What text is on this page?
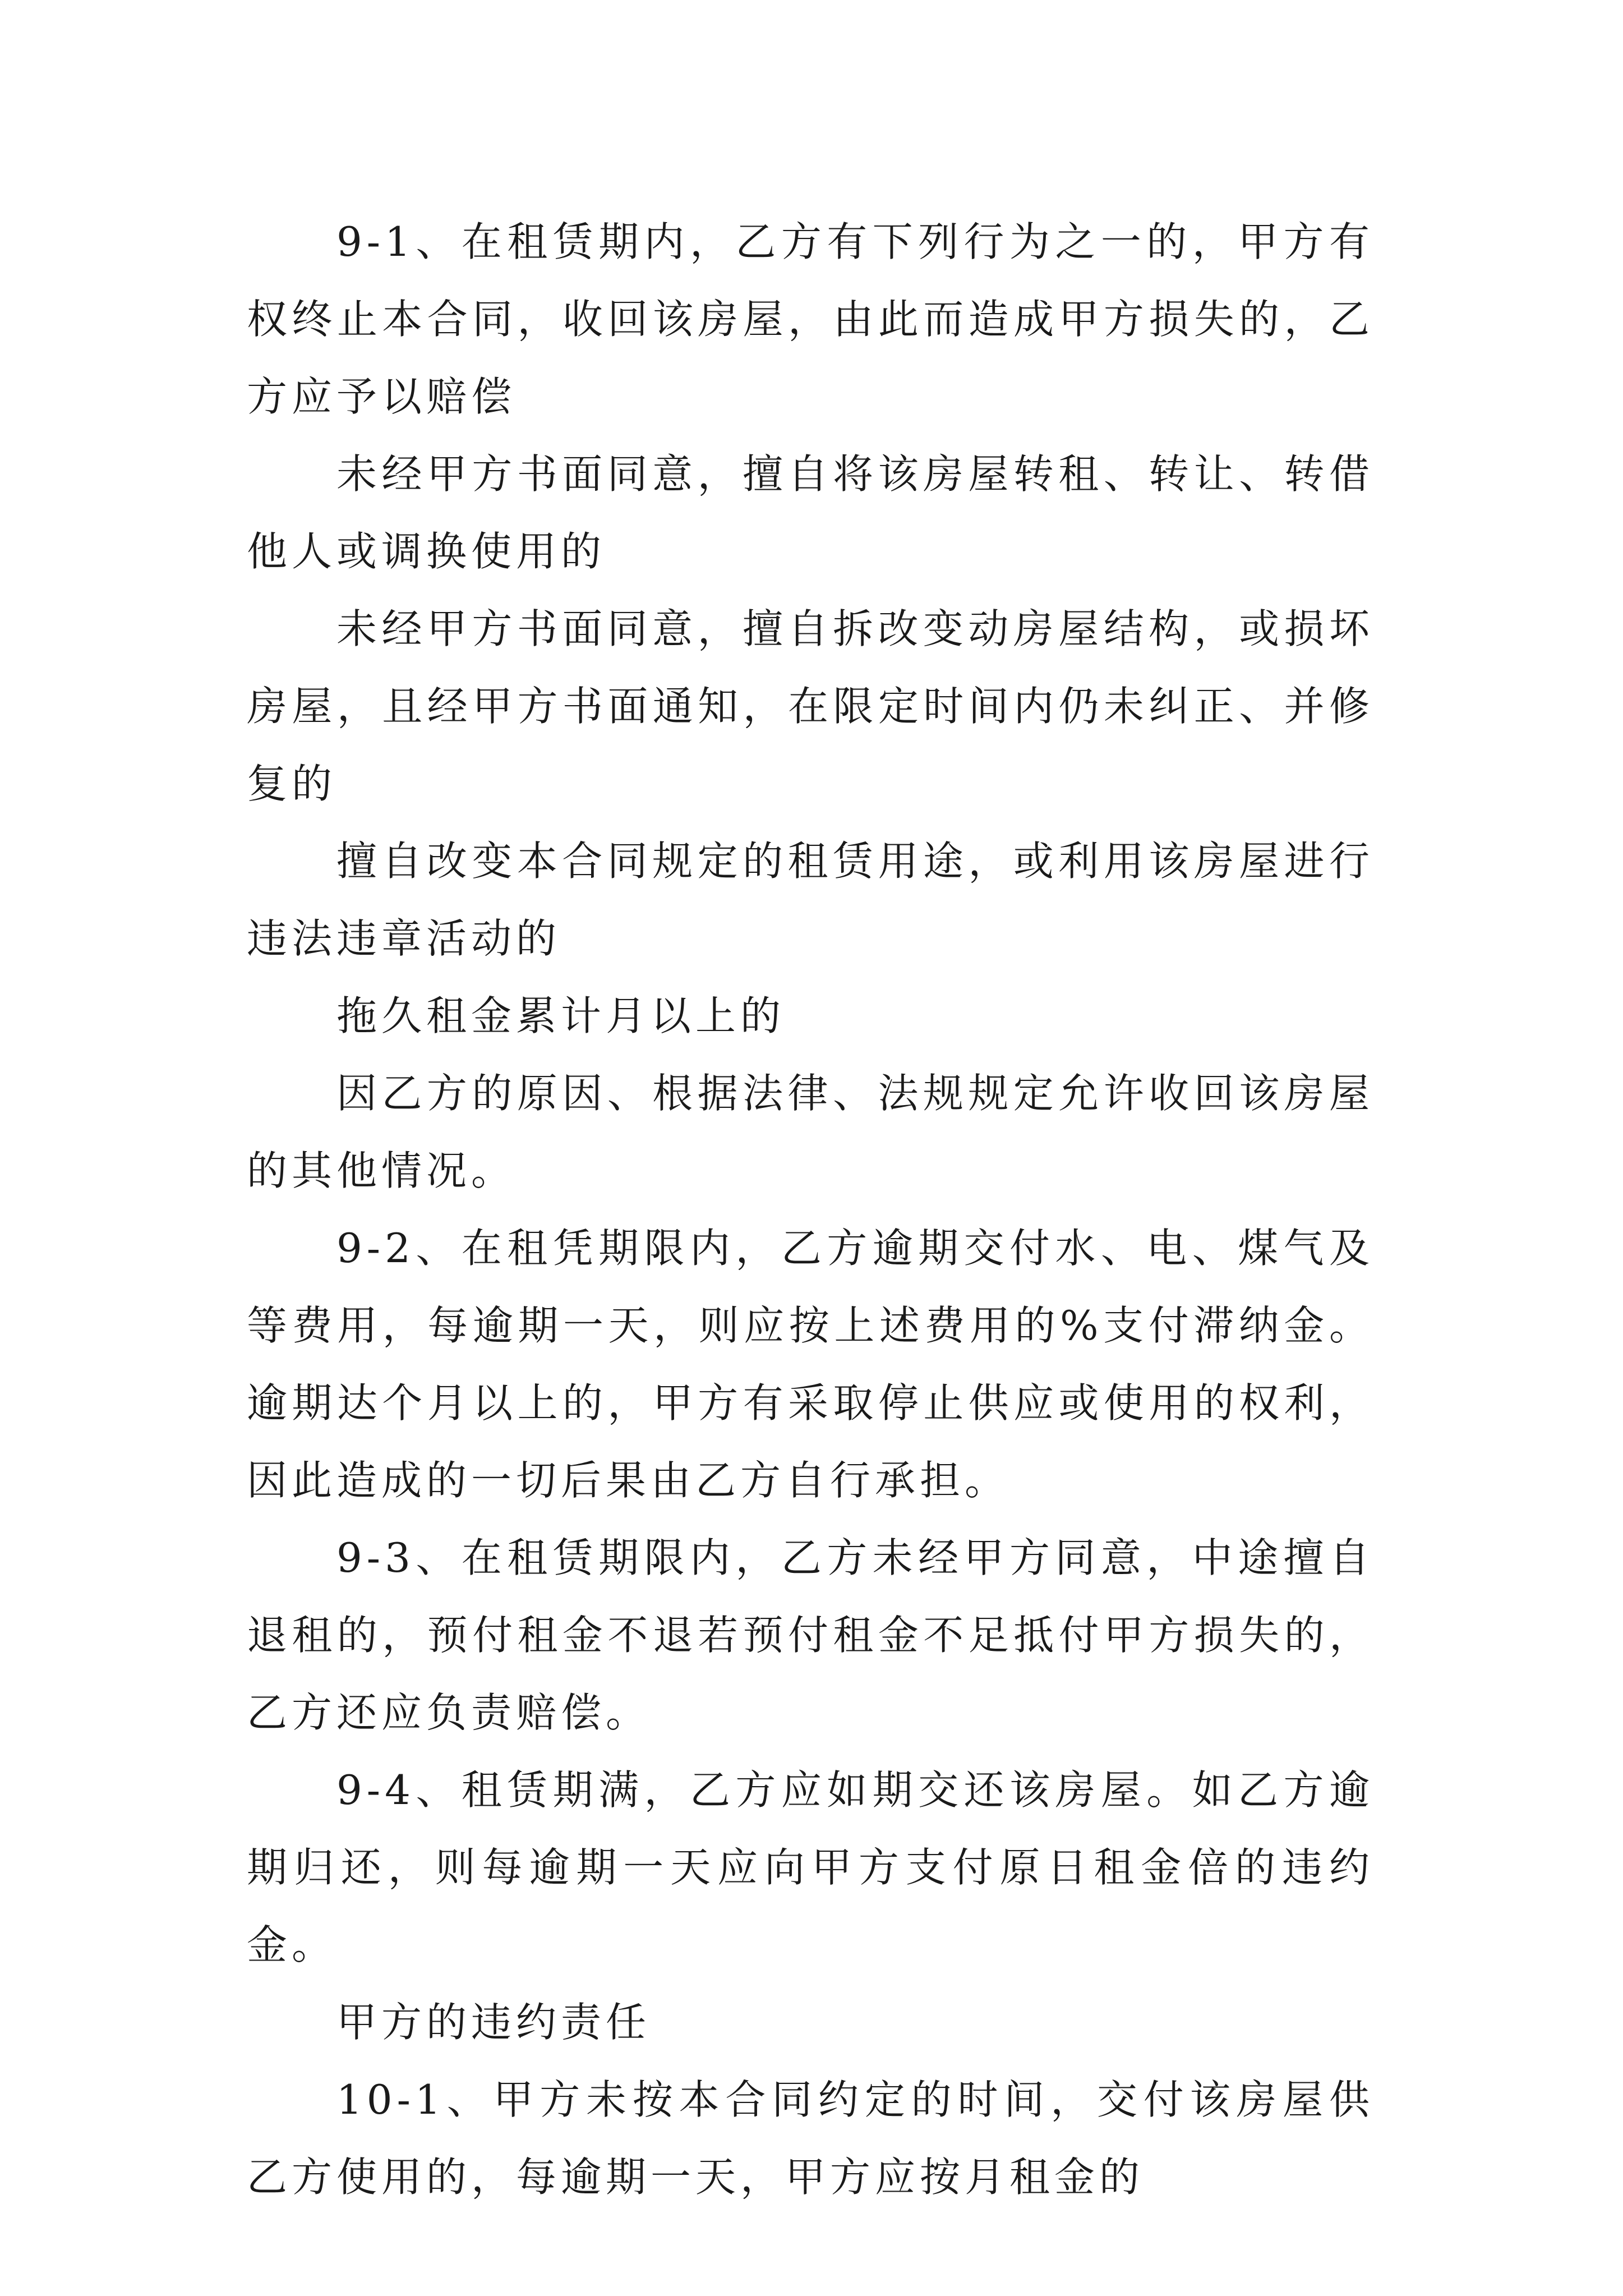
9-1、在租赁期内，乙方有下列行为之一的，甲方有权终止本合同，收回该房屋，由此而造成甲方损失的，乙方应予以赔偿

未经甲方书面同意，擅自将该房屋转租、转让、转借他人或调换使用的

未经甲方书面同意，擅自拆改变动房屋结构，或损坏房屋，且经甲方书面通知，在限定时间内仍未纠正、并修复的

擅自改变本合同规定的租赁用途，或利用该房屋进行违法违章活动的

拖久租金累计月以上的

因乙方的原因、根据法律、法规规定允许收回该房屋的其他情况。

9-2、在租凭期限内，乙方逾期交付水、电、煤气及等费用，每逾期一天，则应按上述费用的%支付滞纳金。逾期达个月以上的，甲方有采取停止供应或使用的权利，因此造成的一切后果由乙方自行承担。

9-3、在租赁期限内，乙方未经甲方同意，中途擅自退租的，预付租金不退若预付租金不足抵付甲方损失的，乙方还应负责赔偿。

9-4、租赁期满，乙方应如期交还该房屋。如乙方逾期归还，则每逾期一天应向甲方支付原日租金倍的违约金。

甲方的违约责任

10-1、甲方未按本合同约定的时间，交付该房屋供乙方使用的，每逾期一天，甲方应按月租金的
